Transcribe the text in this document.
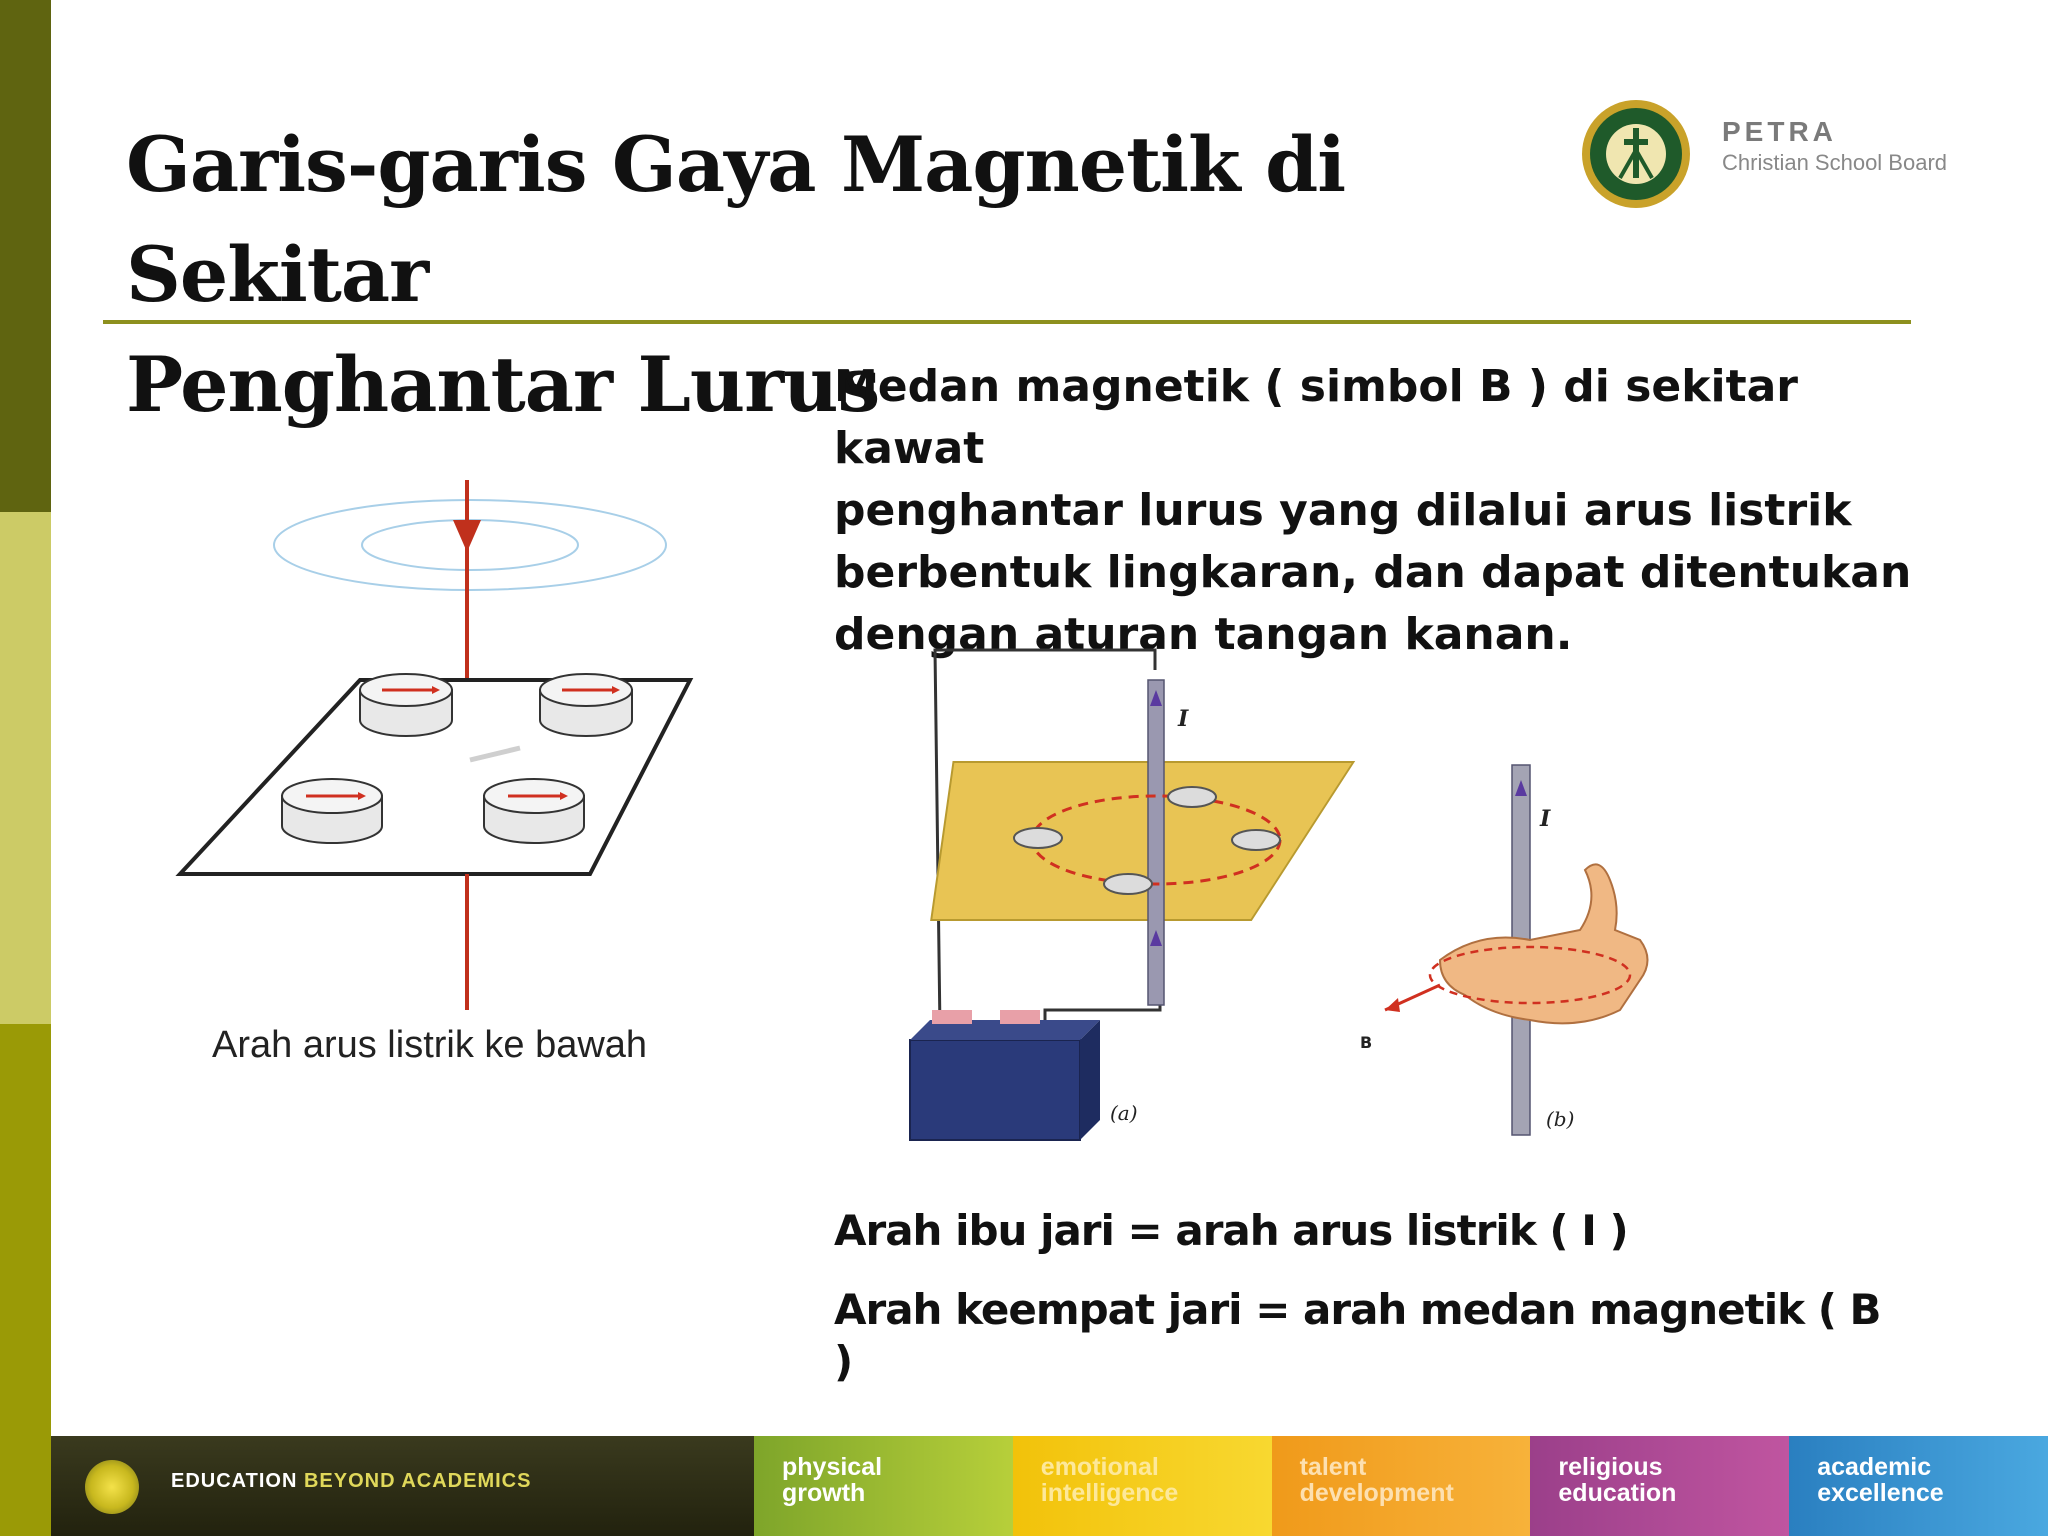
Garis-garis Gaya Magnetik di Sekitar
Penghantar Lurus
PETRA
Christian School Board

Medan magnetik ( simbol B ) di sekitar kawat
penghantar lurus yang dilalui arus listrik
berbentuk lingkaran, dan dapat ditentukan
dengan aturan tangan kanan.

Arah arus listrik ke bawah
I
(a)
I
B
(b)
Arah ibu jari = arah arus listrik ( I )
Arah keempat jari = arah medan magnetik ( B )
EDUCATION BEYOND ACADEMICS	physical
growth
emotional
intelligence
talent
development
religious
education
academic
excellence
